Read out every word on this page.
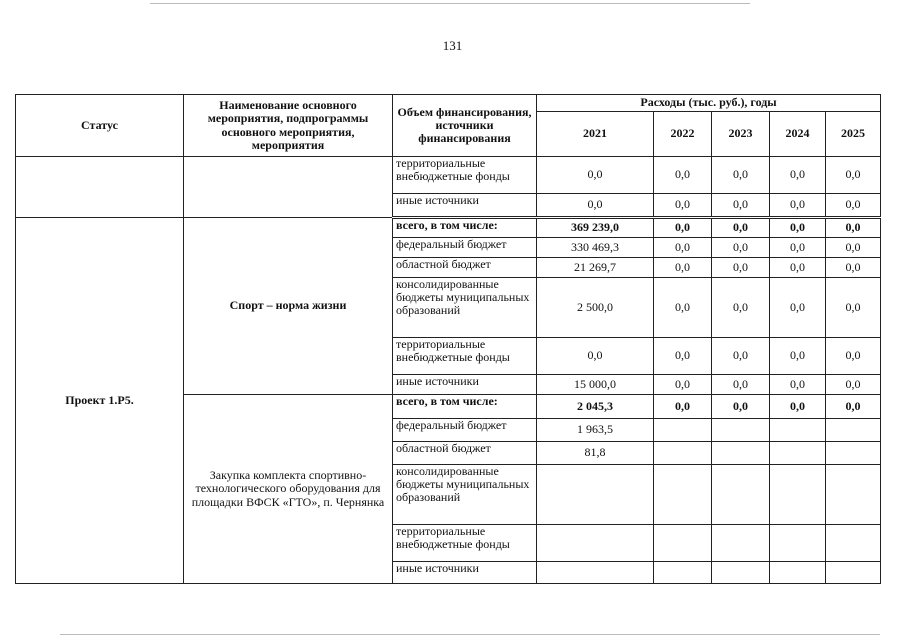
131
Статус	Наименование основного мероприятия, подпрограммы основного мероприятия, мероприятия	Объем финансирования, источники финансирования	Расходы (тыс. руб.), годы				
			2021	2022	2023	2024	2025
		территориальные внебюджетные фонды	0,0	0,0	0,0	0,0	0,0
		иные источники	0,0	0,0	0,0	0,0	0,0
Проект 1.Р5.	Спорт – норма жизни	всего, в том числе:	369 239,0	0,0	0,0	0,0	0,0
		федеральный бюджет	330 469,3	0,0	0,0	0,0	0,0
		областной бюджет	21 269,7	0,0	0,0	0,0	0,0
		консолидированные бюджеты муниципальных образований	2 500,0	0,0	0,0	0,0	0,0
		территориальные внебюджетные фонды	0,0	0,0	0,0	0,0	0,0
		иные источники	15 000,0	0,0	0,0	0,0	0,0
	Закупка комплекта спортивно-технологического оборудования для площадки ВФСК «ГТО», п. Чернянка	всего, в том числе:	2 045,3	0,0	0,0	0,0	0,0
		федеральный бюджет	1 963,5				
		областной бюджет	81,8				
		консолидированные бюджеты муниципальных образований					
		территориальные внебюджетные фонды					
		иные источники					
